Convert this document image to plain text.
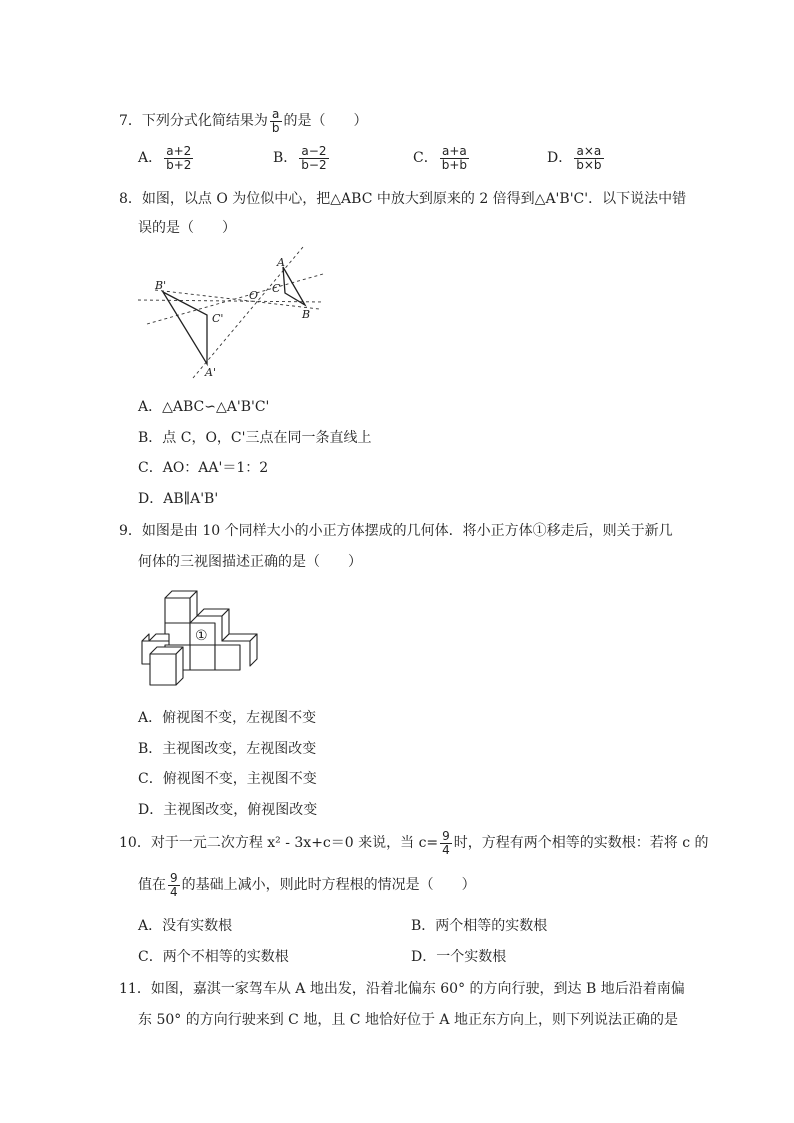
7．下列分式化简结果为 $\frac{a}{b}$ 的是（　　）
A． $\frac{a+2}{b+2}$	B． $\frac{a-2}{b-2}$	C． $\frac{a+a}{b+b}$	D． $\frac{a\times a}{b\times b}$
8．如图，以点 O 为位似中心，把△ABC 中放大到原来的 2 倍得到△A'B'C'．以下说法中错
误的是（　　）
A
B
C
O
A'
B'
C'
A．△ABC∽△A'B'C'
B．点 C，O，C'三点在同一条直线上
C．AO：AA'＝1：2
D．AB∥A'B'
9．如图是由 10 个同样大小的小正方体摆成的几何体．将小正方体①移走后，则关于新几
何体的三视图描述正确的是（　　）
①
A．俯视图不变，左视图不变
B．主视图改变，左视图改变
C．俯视图不变，主视图不变
D．主视图改变，俯视图改变
10．对于一元二次方程 x² - 3x+c＝0 来说，当 $c= \frac{9}{4}$ 时，方程有两个相等的实数根：若将 c 的
值在 $\frac{9}{4}$ 的基础上减小，则此时方程根的情况是（　　）
A．没有实数根	B．两个相等的实数根
C．两个不相等的实数根	D．一个实数根
11．如图，嘉淇一家驾车从 A 地出发，沿着北偏东 60° 的方向行驶，到达 B 地后沿着南偏
东 50° 的方向行驶来到 C 地，且 C 地恰好位于 A 地正东方向上，则下列说法正确的是
